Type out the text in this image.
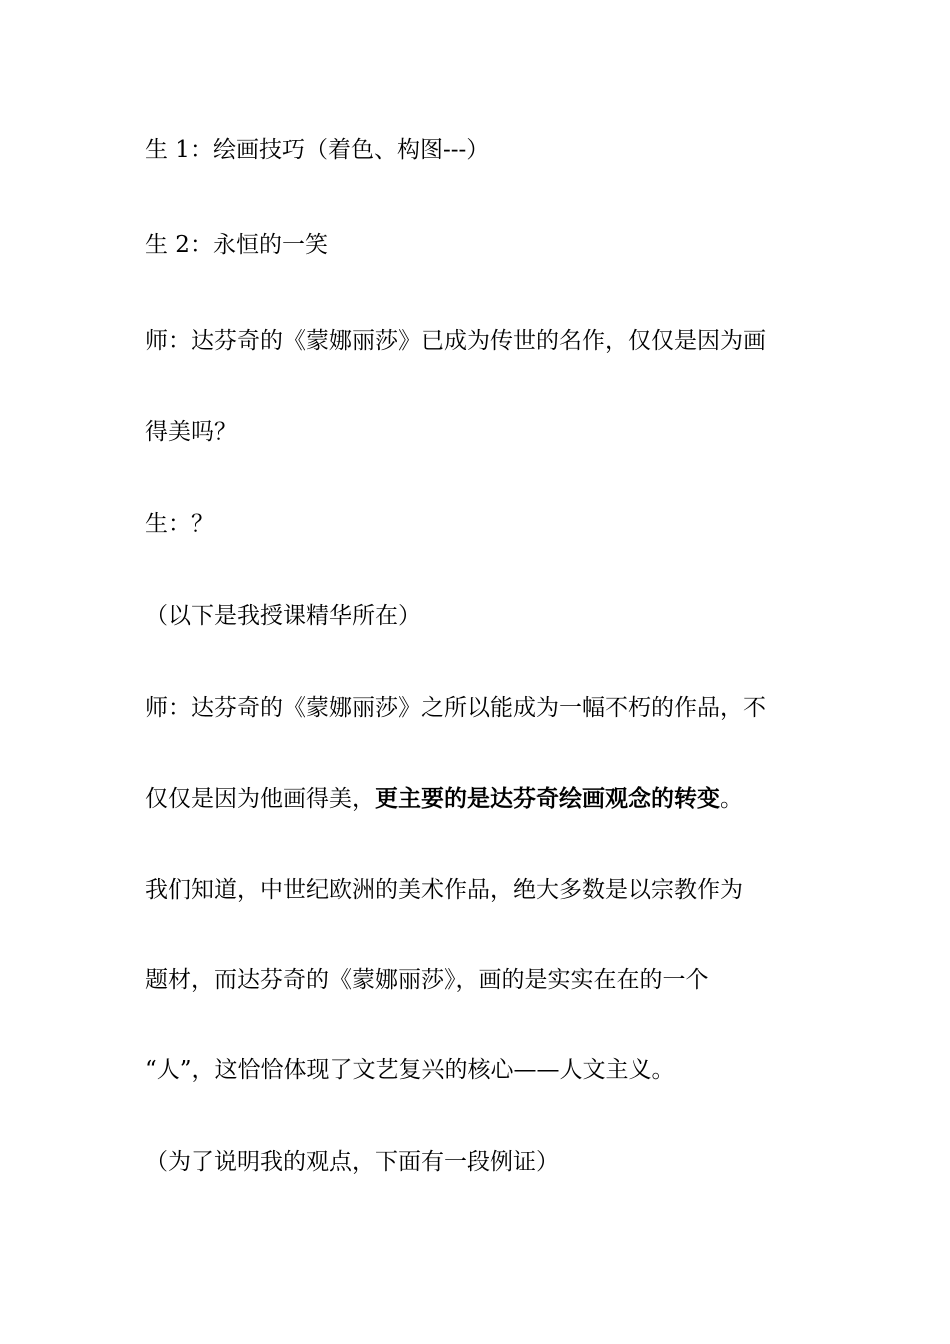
生 1：绘画技巧（着色、构图---）
生 2：永恒的一笑
师：达芬奇的《蒙娜丽莎》已成为传世的名作，仅仅是因为画
得美吗？
生：？
（以下是我授课精华所在）
师：达芬奇的《蒙娜丽莎》之所以能成为一幅不朽的作品，不
仅仅是因为他画得美，更主要的是达芬奇绘画观念的转变。
我们知道，中世纪欧洲的美术作品，绝大多数是以宗教作为
题材，而达芬奇的《蒙娜丽莎》，画的是实实在在的一个
“人”，这恰恰体现了文艺复兴的核心——人文主义。
（为了说明我的观点，下面有一段例证）
